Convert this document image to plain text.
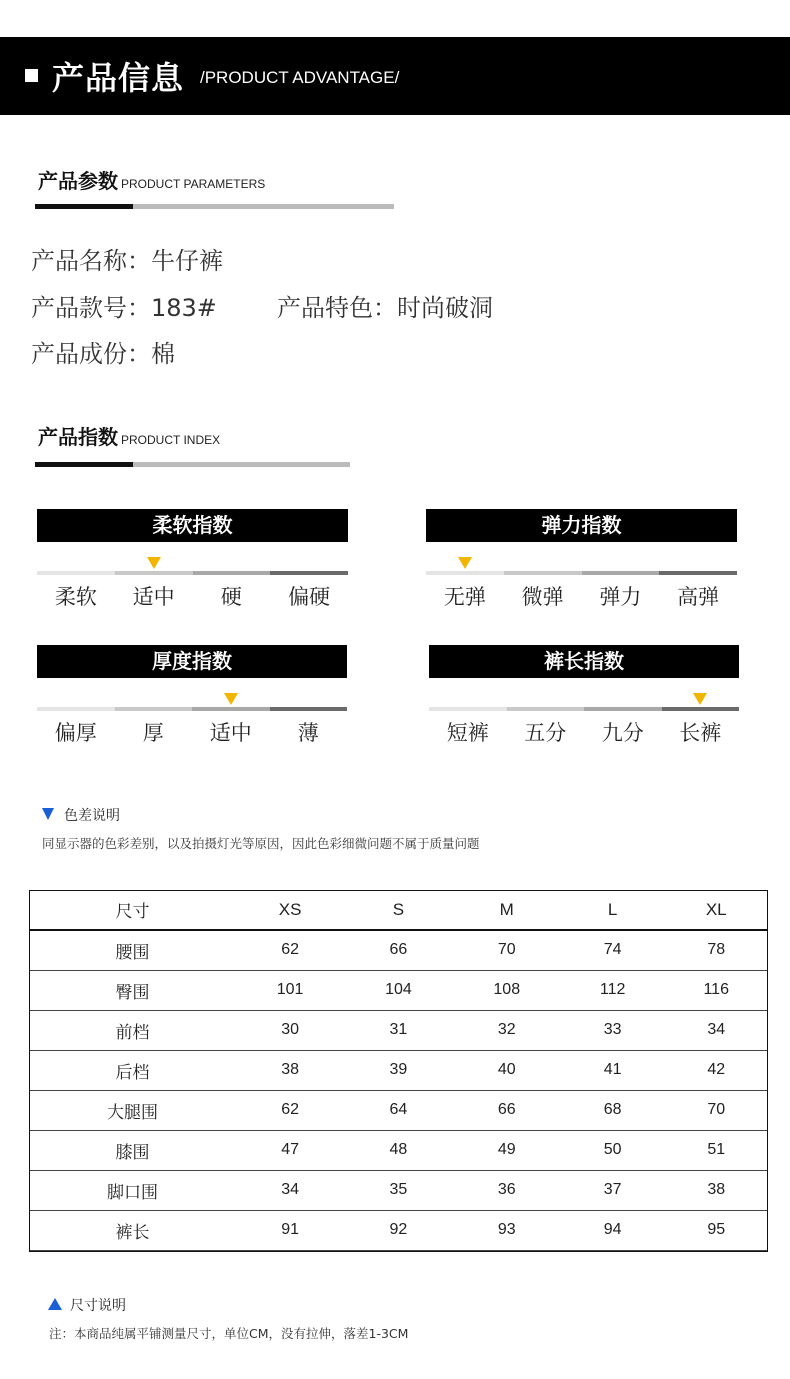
产品信息 /PRODUCT ADVANTAGE/
产品参数 PRODUCT PARAMETERS
产品名称：牛仔裤
产品款号：183#	产品特色：时尚破洞
产品成份：棉
产品指数 PRODUCT INDEX
柔软指数
柔软	适中	硬	偏硬
弹力指数
无弹	微弹	弹力	高弹
厚度指数
偏厚	厚	适中	薄
裤长指数
短裤	五分	九分	长裤
色差说明
同显示器的色彩差别，以及拍摄灯光等原因，因此色彩细微问题不属于质量问题
尺寸	XS	S	M	L	XL
腰围	62	66	70	74	78
臀围	101	104	108	112	116
前档	30	31	32	33	34
后档	38	39	40	41	42
大腿围	62	64	66	68	70
膝围	47	48	49	50	51
脚口围	34	35	36	37	38
裤长	91	92	93	94	95
尺寸说明
注：本商品纯属平铺测量尺寸，单位CM，没有拉伸，落差1-3CM
